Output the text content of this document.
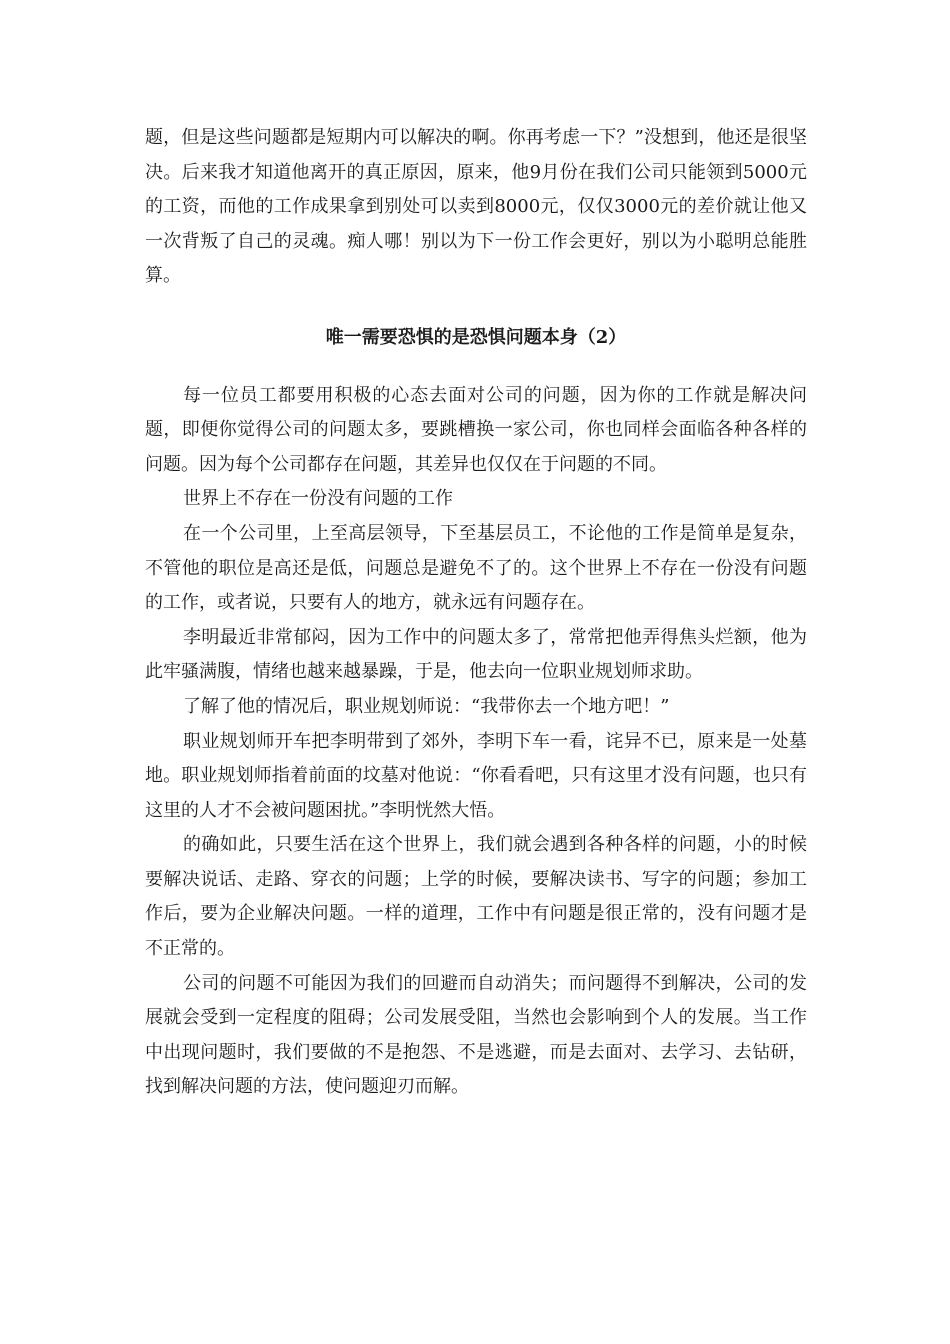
题，但是这些问题都是短期内可以解决的啊。你再考虑一下？”没想到，他还是很坚决。后来我才知道他离开的真正原因，原来，他9月份在我们公司只能领到5000元的工资，而他的工作成果拿到别处可以卖到8000元，仅仅3000元的差价就让他又一次背叛了自己的灵魂。痴人哪！别以为下一份工作会更好，别以为小聪明总能胜算。

唯一需要恐惧的是恐惧问题本身（2）

每一位员工都要用积极的心态去面对公司的问题，因为你的工作就是解决问题，即便你觉得公司的问题太多，要跳槽换一家公司，你也同样会面临各种各样的问题。因为每个公司都存在问题，其差异也仅仅在于问题的不同。

世界上不存在一份没有问题的工作

在一个公司里，上至高层领导，下至基层员工，不论他的工作是简单是复杂，不管他的职位是高还是低，问题总是避免不了的。这个世界上不存在一份没有问题的工作，或者说，只要有人的地方，就永远有问题存在。

李明最近非常郁闷，因为工作中的问题太多了，常常把他弄得焦头烂额，他为此牢骚满腹，情绪也越来越暴躁，于是，他去向一位职业规划师求助。

了解了他的情况后，职业规划师说：“我带你去一个地方吧！”

职业规划师开车把李明带到了郊外，李明下车一看，诧异不已，原来是一处墓地。职业规划师指着前面的坟墓对他说：“你看看吧，只有这里才没有问题，也只有这里的人才不会被问题困扰。”李明恍然大悟。

的确如此，只要生活在这个世界上，我们就会遇到各种各样的问题，小的时候要解决说话、走路、穿衣的问题；上学的时候，要解决读书、写字的问题；参加工作后，要为企业解决问题。一样的道理，工作中有问题是很正常的，没有问题才是不正常的。

公司的问题不可能因为我们的回避而自动消失；而问题得不到解决，公司的发展就会受到一定程度的阻碍；公司发展受阻，当然也会影响到个人的发展。当工作中出现问题时，我们要做的不是抱怨、不是逃避，而是去面对、去学习、去钻研，找到解决问题的方法，使问题迎刃而解。
